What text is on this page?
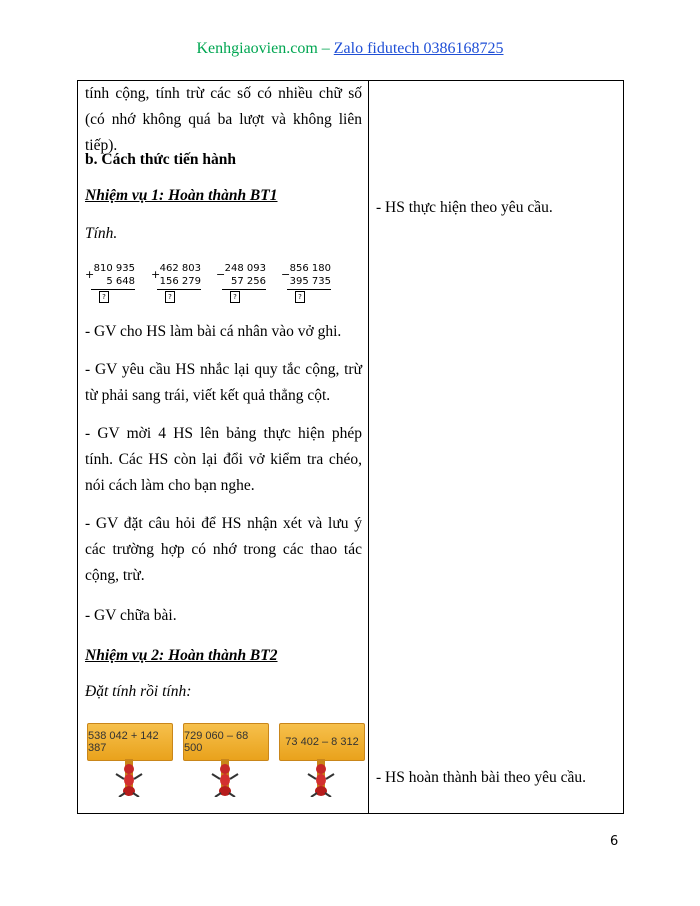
Kenhgiaovien.com – Zalo fidutech 0386168725
tính cộng, tính trừ các số có nhiều chữ số (có nhớ không quá ba lượt và không liên tiếp).
b. Cách thức tiến hành
Nhiệm vụ 1: Hoàn thành BT1
Tính.
+ 810 935
5 648
?
+ 462 803
156 279
?
− 248 093
57 256
?
− 856 180
395 735
?
- GV cho HS làm bài cá nhân vào vở ghi.
- GV yêu cầu HS nhắc lại quy tắc cộng, trừ từ phải sang trái, viết kết quả thẳng cột.
- GV mời 4 HS lên bảng thực hiện phép tính. Các HS còn lại đổi vở kiểm tra chéo, nói cách làm cho bạn nghe.
- GV đặt câu hỏi để HS nhận xét và lưu ý các trường hợp có nhớ trong các thao tác cộng, trừ.
- GV chữa bài.
Nhiệm vụ 2: Hoàn thành BT2
Đặt tính rồi tính:
538 042 + 142 387
729 060 – 68 500	73 402 – 8 312
- HS thực hiện theo yêu cầu.
- HS hoàn thành bài theo yêu cầu.
6
